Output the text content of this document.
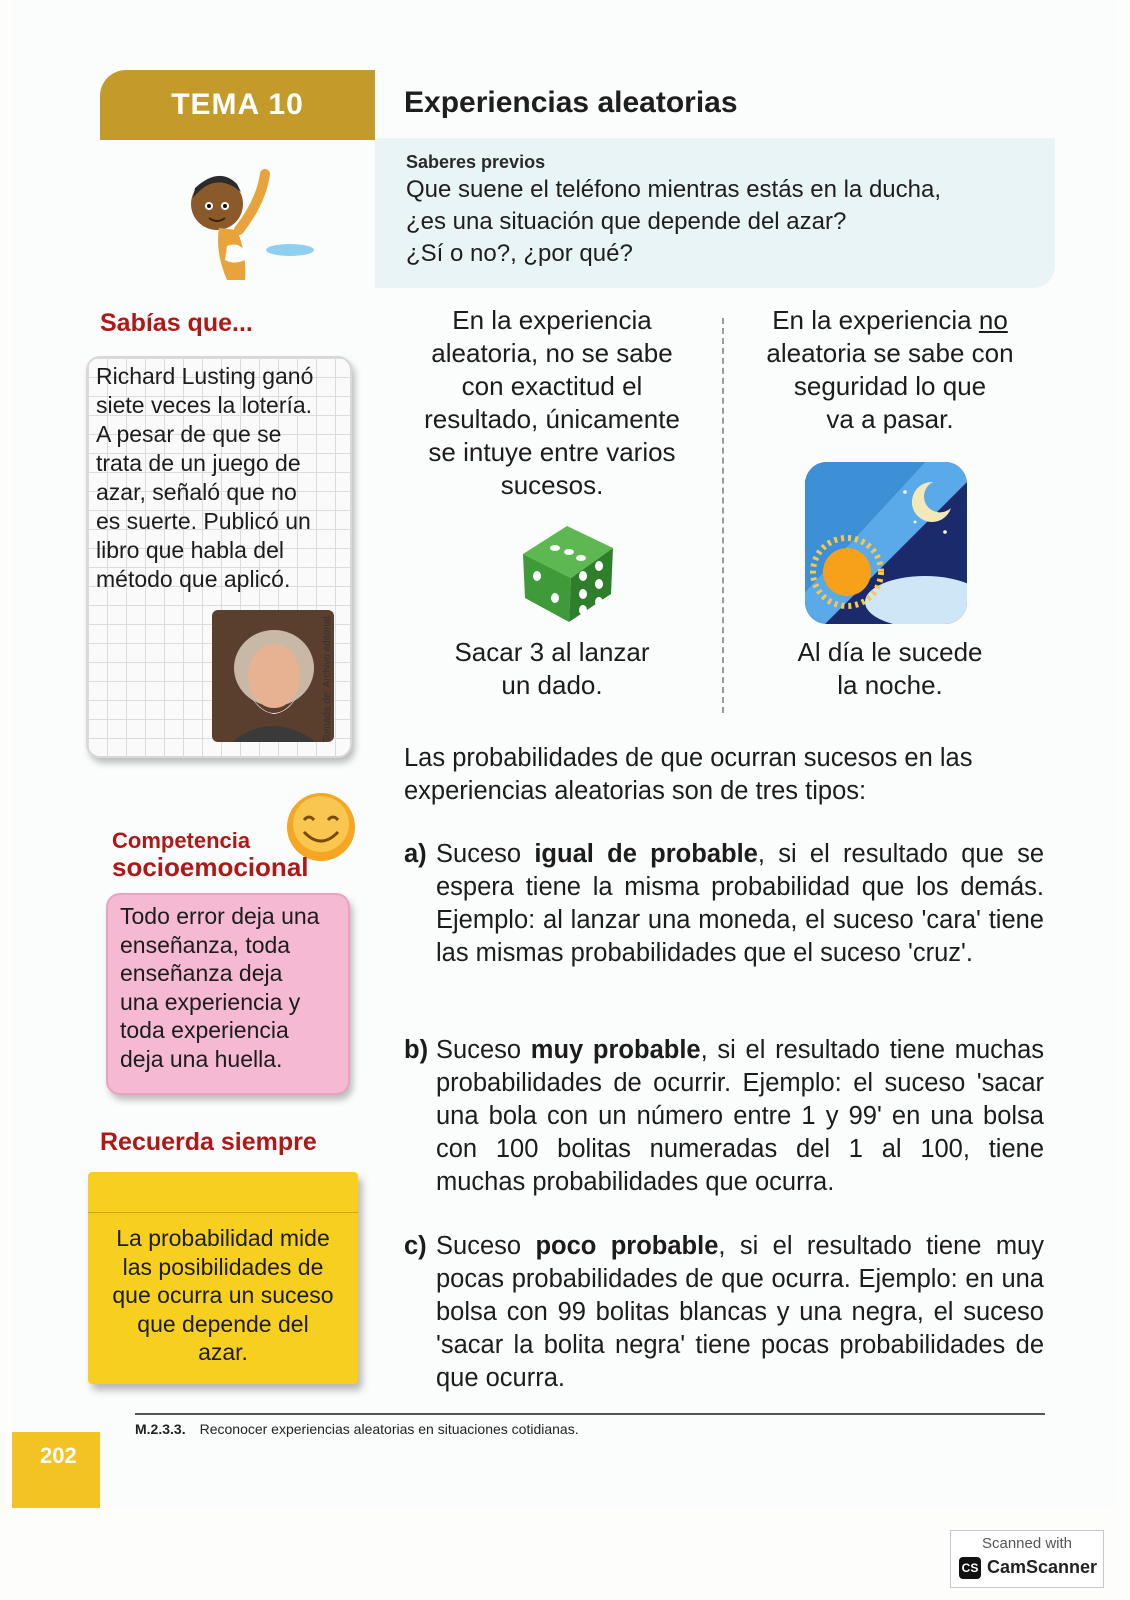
TEMA 10	Experiencias aleatorias
Saberes previos
Que suene el teléfono mientras estás en la ducha,
¿es una situación que depende del azar?
¿Sí o no?, ¿por qué?
Sabías que...
Richard Lusting ganó
siete veces la lotería.
A pesar de que se
trata de un juego de
azar, señaló que no
es suerte. Publicó un
libro que habla del
método que aplicó.
Tomada de: Archivo editorial
En la experiencia
aleatoria, no se sabe
con exactitud el
resultado, únicamente
se intuye entre varios
sucesos.
En la experiencia no
aleatoria se sabe con
seguridad lo que
va a pasar.
Sacar 3 al lanzar
un dado.
Al día le sucede
la noche.
Las probabilidades de que ocurran sucesos en las
experiencias aleatorias son de tres tipos:
a) Suceso igual de probable, si el resultado que se espera tiene la misma probabilidad que los demás. Ejemplo: al lanzar una moneda, el suceso 'cara' tiene las mismas probabilidades que el suceso 'cruz'.
b) Suceso muy probable, si el resultado tiene muchas probabilidades de ocurrir. Ejemplo: el suceso 'sacar una bola con un número entre 1 y 99' en una bolsa con 100 bolitas numeradas del 1 al 100, tiene muchas probabilidades que ocurra.
c) Suceso poco probable, si el resultado tiene muy pocas probabilidades de que ocurra. Ejemplo: en una bolsa con 99 bolitas blancas y una negra, el suceso 'sacar la bolita negra' tiene pocas probabilidades de que ocurra.
Competencia
socioemocional
Todo error deja una
enseñanza, toda
enseñanza deja
una experiencia y
toda experiencia
deja una huella.
Recuerda siempre
La probabilidad mide
las posibilidades de
que ocurra un suceso
que depende del
azar.
M.2.3.3. Reconocer experiencias aleatorias en situaciones cotidianas.
202
Scanned with
CS CamScanner
